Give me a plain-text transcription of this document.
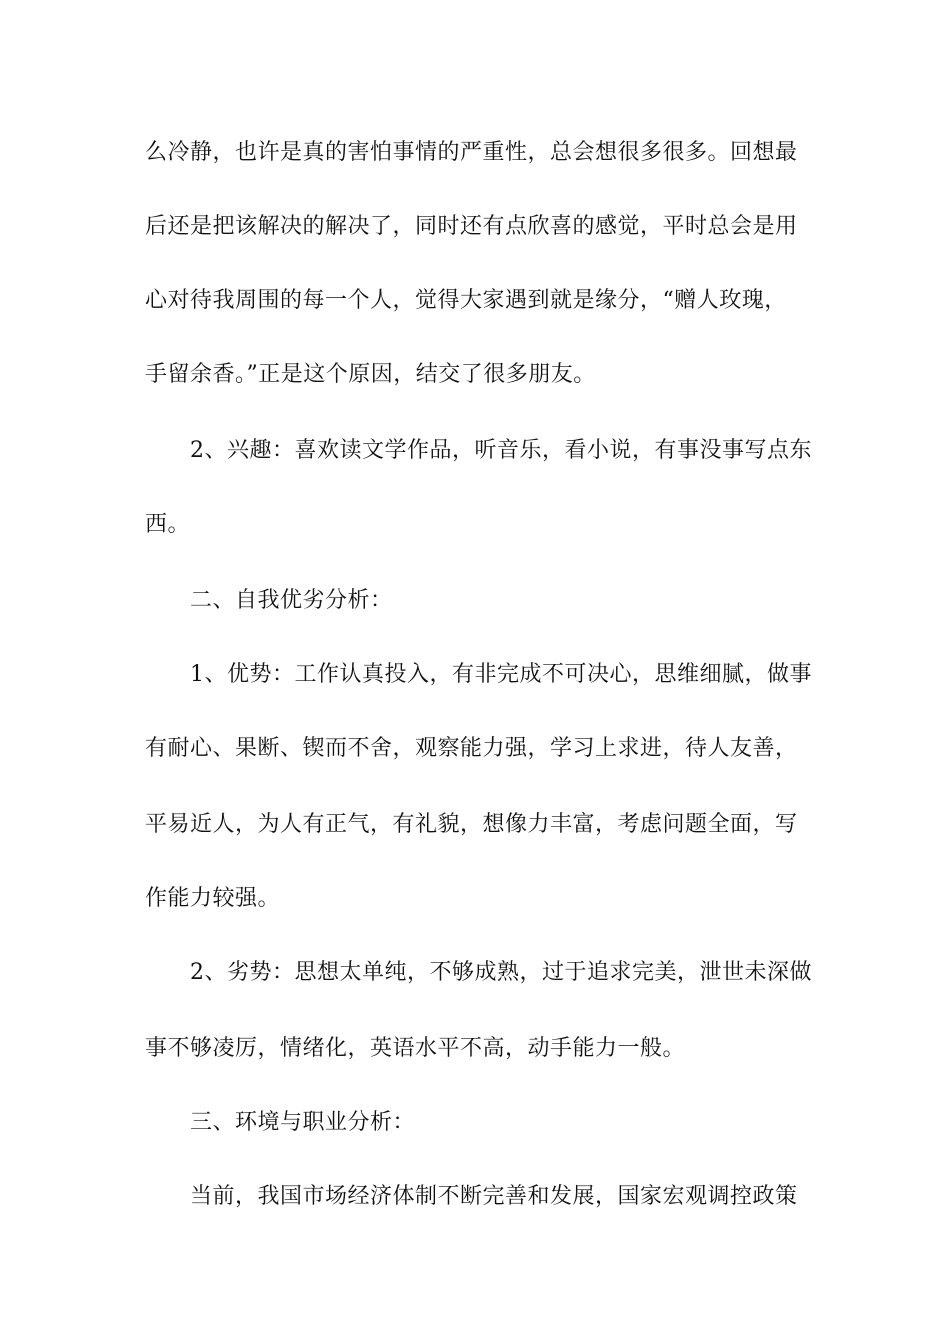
么冷静，也许是真的害怕事情的严重性，总会想很多很多。回想最
后还是把该解决的解决了，同时还有点欣喜的感觉，平时总会是用
心对待我周围的每一个人，觉得大家遇到就是缘分，“赠人玫瑰，
手留余香。”正是这个原因，结交了很多朋友。
2、兴趣：喜欢读文学作品，听音乐，看小说，有事没事写点东
西。
二、自我优劣分析：
1、优势：工作认真投入，有非完成不可决心，思维细腻，做事
有耐心、果断、锲而不舍，观察能力强，学习上求进，待人友善，
平易近人，为人有正气，有礼貌，想像力丰富，考虑问题全面，写
作能力较强。
2、劣势：思想太单纯，不够成熟，过于追求完美，泄世未深做
事不够凌厉，情绪化，英语水平不高，动手能力一般。
三、环境与职业分析：
当前，我国市场经济体制不断完善和发展，国家宏观调控政策
